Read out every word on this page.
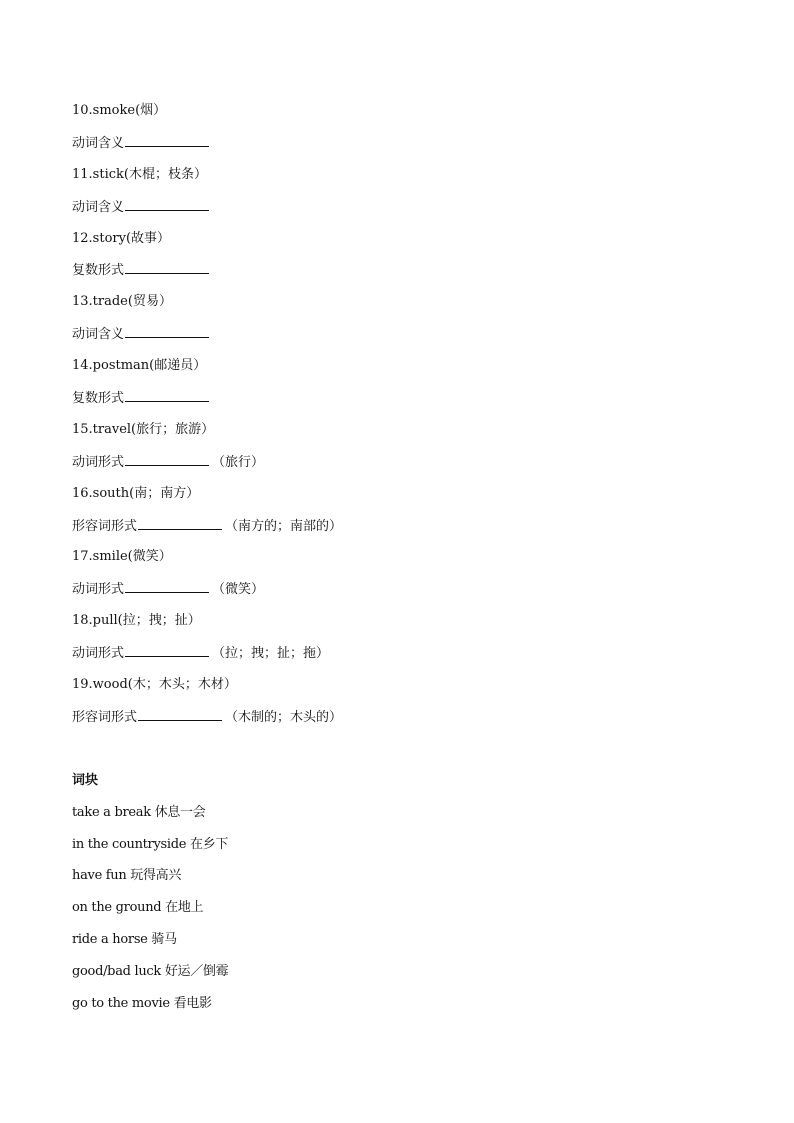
10.smoke(烟）
动词含义
11.stick(木棍；枝条）
动词含义
12.story(故事）
复数形式
13.trade(贸易）
动词含义
14.postman(邮递员）
复数形式
15.travel(旅行；旅游）
动词形式	（旅行）
16.south(南；南方）
形容词形式	（南方的；南部的）
17.smile(微笑）
动词形式	（微笑）
18.pull(拉；拽；扯）
动词形式	（拉；拽；扯；拖）
19.wood(木；木头；木材）
形容词形式	（木制的；木头的）
词块
take a break 休息一会
in the countryside 在乡下
have fun 玩得高兴
on the ground 在地上
ride a horse 骑马
good/bad luck 好运／倒霉
go to the movie 看电影
